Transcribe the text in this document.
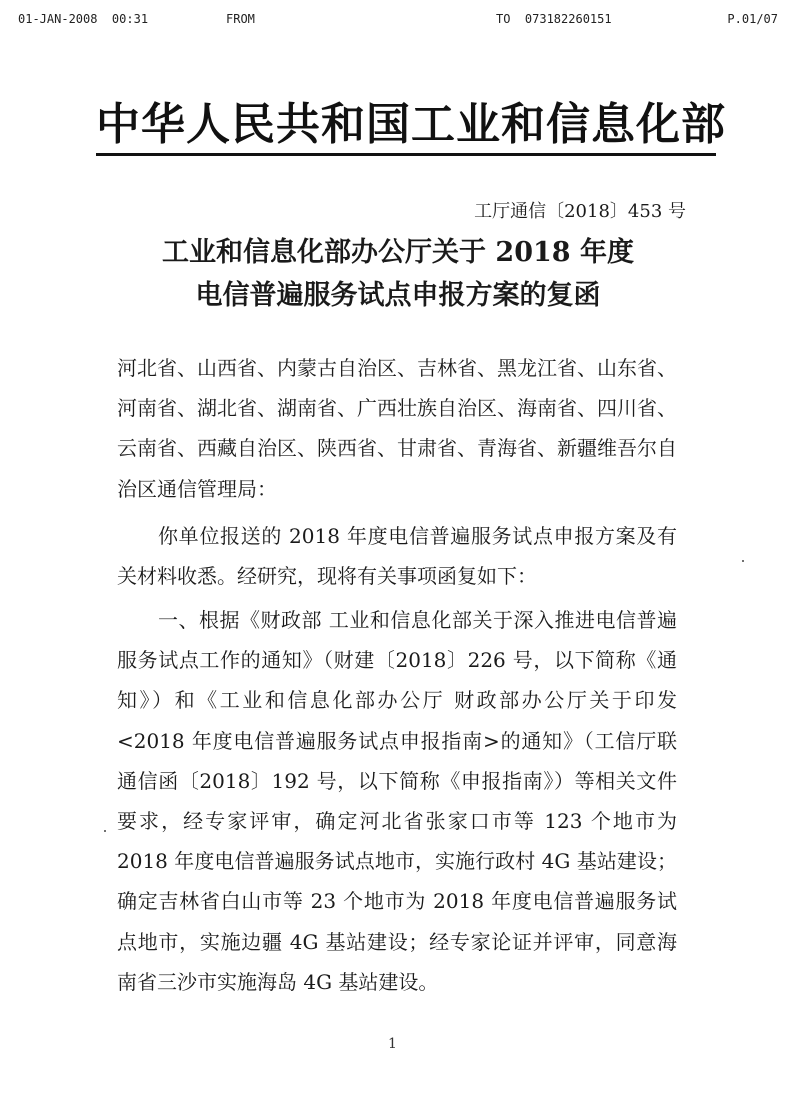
01-JAN-2008  00:31	FROM	TO  073182260151	P.01/07
中华人民共和国工业和信息化部
工厅通信〔2018〕453 号
工业和信息化部办公厅关于 2018 年度
电信普遍服务试点申报方案的复函
河北省、山西省、内蒙古自治区、吉林省、黑龙江省、山东省、河南省、湖北省、湖南省、广西壮族自治区、海南省、四川省、云南省、西藏自治区、陕西省、甘肃省、青海省、新疆维吾尔自治区通信管理局：
你单位报送的 2018 年度电信普遍服务试点申报方案及有关材料收悉。经研究，现将有关事项函复如下：
一、根据《财政部 工业和信息化部关于深入推进电信普遍服务试点工作的通知》（财建〔2018〕226 号，以下简称《通知》）和《工业和信息化部办公厅 财政部办公厅关于印发<2018 年度电信普遍服务试点申报指南>的通知》（工信厅联通信函〔2018〕192 号，以下简称《申报指南》）等相关文件要求，经专家评审，确定河北省张家口市等 123 个地市为 2018 年度电信普遍服务试点地市，实施行政村 4G 基站建设；确定吉林省白山市等 23 个地市为 2018 年度电信普遍服务试点地市，实施边疆 4G 基站建设；经专家论证并评审，同意海南省三沙市实施海岛 4G 基站建设。
1
